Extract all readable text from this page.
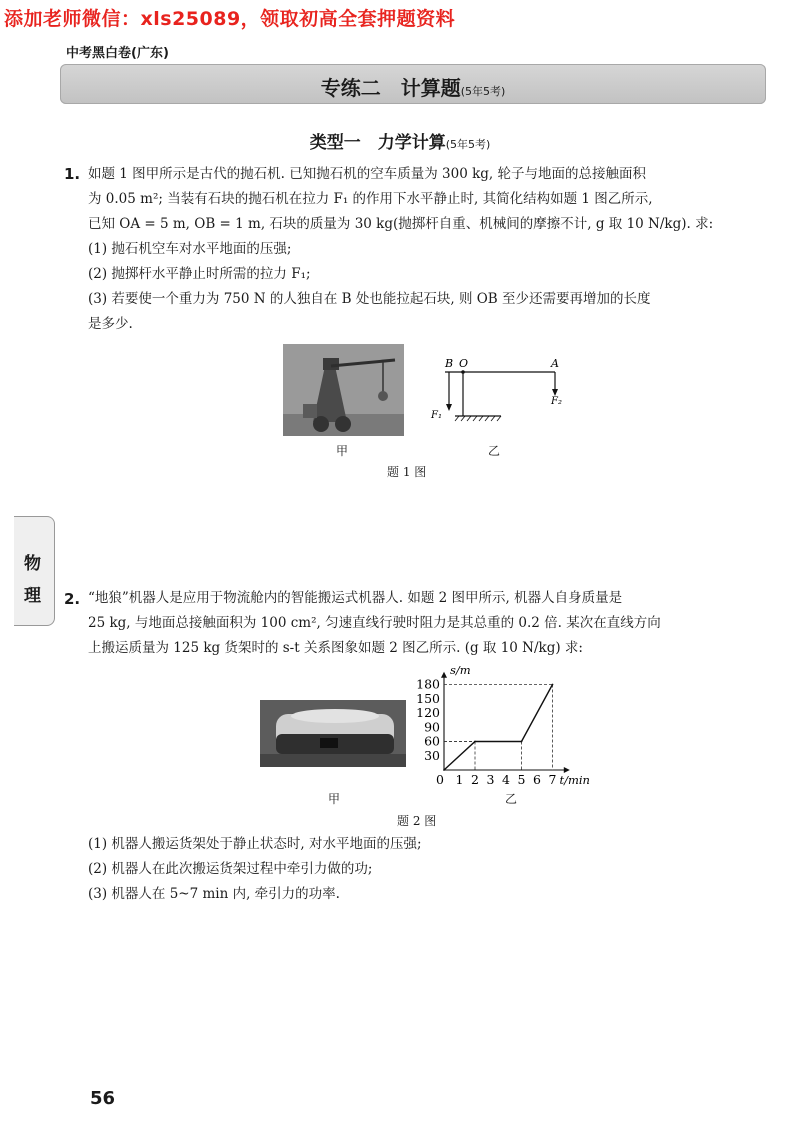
添加老师微信：xls25089，领取初高全套押题资料
中考黑白卷(广东)
专练二　计算题(5年5考)
类型一　力学计算(5年5考)
1. 如题 1 图甲所示是古代的抛石机. 已知抛石机的空车质量为 300 kg, 轮子与地面的总接触面积
为 0.05 m²; 当装有石块的抛石机在拉力 F₁ 的作用下水平静止时, 其简化结构如题 1 图乙所示,
已知 OA = 5 m, OB = 1 m, 石块的质量为 30 kg(抛掷杆自重、机械间的摩擦不计, g 取 10 N/kg). 求:
(1) 抛石机空车对水平地面的压强;
(2) 抛掷杆水平静止时所需的拉力 F₁;
(3) 若要使一个重力为 750 N 的人独自在 B 处也能拉起石块, 则 OB 至少还需要再增加的长度
是多少.
甲
B O	A
F₁
F₂
乙
题 1 图
物
理 2. “地狼”机器人是应用于物流舱内的智能搬运式机器人. 如题 2 图甲所示, 机器人自身质量是
25 kg, 与地面总接触面积为 100 cm², 匀速直线行驶时阻力是其总重的 0.2 倍. 某次在直线方向
上搬运质量为 125 kg 货架时的 s-t 关系图象如题 2 图乙所示. (g 取 10 N/kg) 求:
甲
30
60
90
120
150
180
0 1 2 3 4 5 6 7 t/min
s/m
乙
题 2 图
(1) 机器人搬运货架处于静止状态时, 对水平地面的压强;
(2) 机器人在此次搬运货架过程中牵引力做的功;
(3) 机器人在 5~7 min 内, 牵引力的功率.
56
